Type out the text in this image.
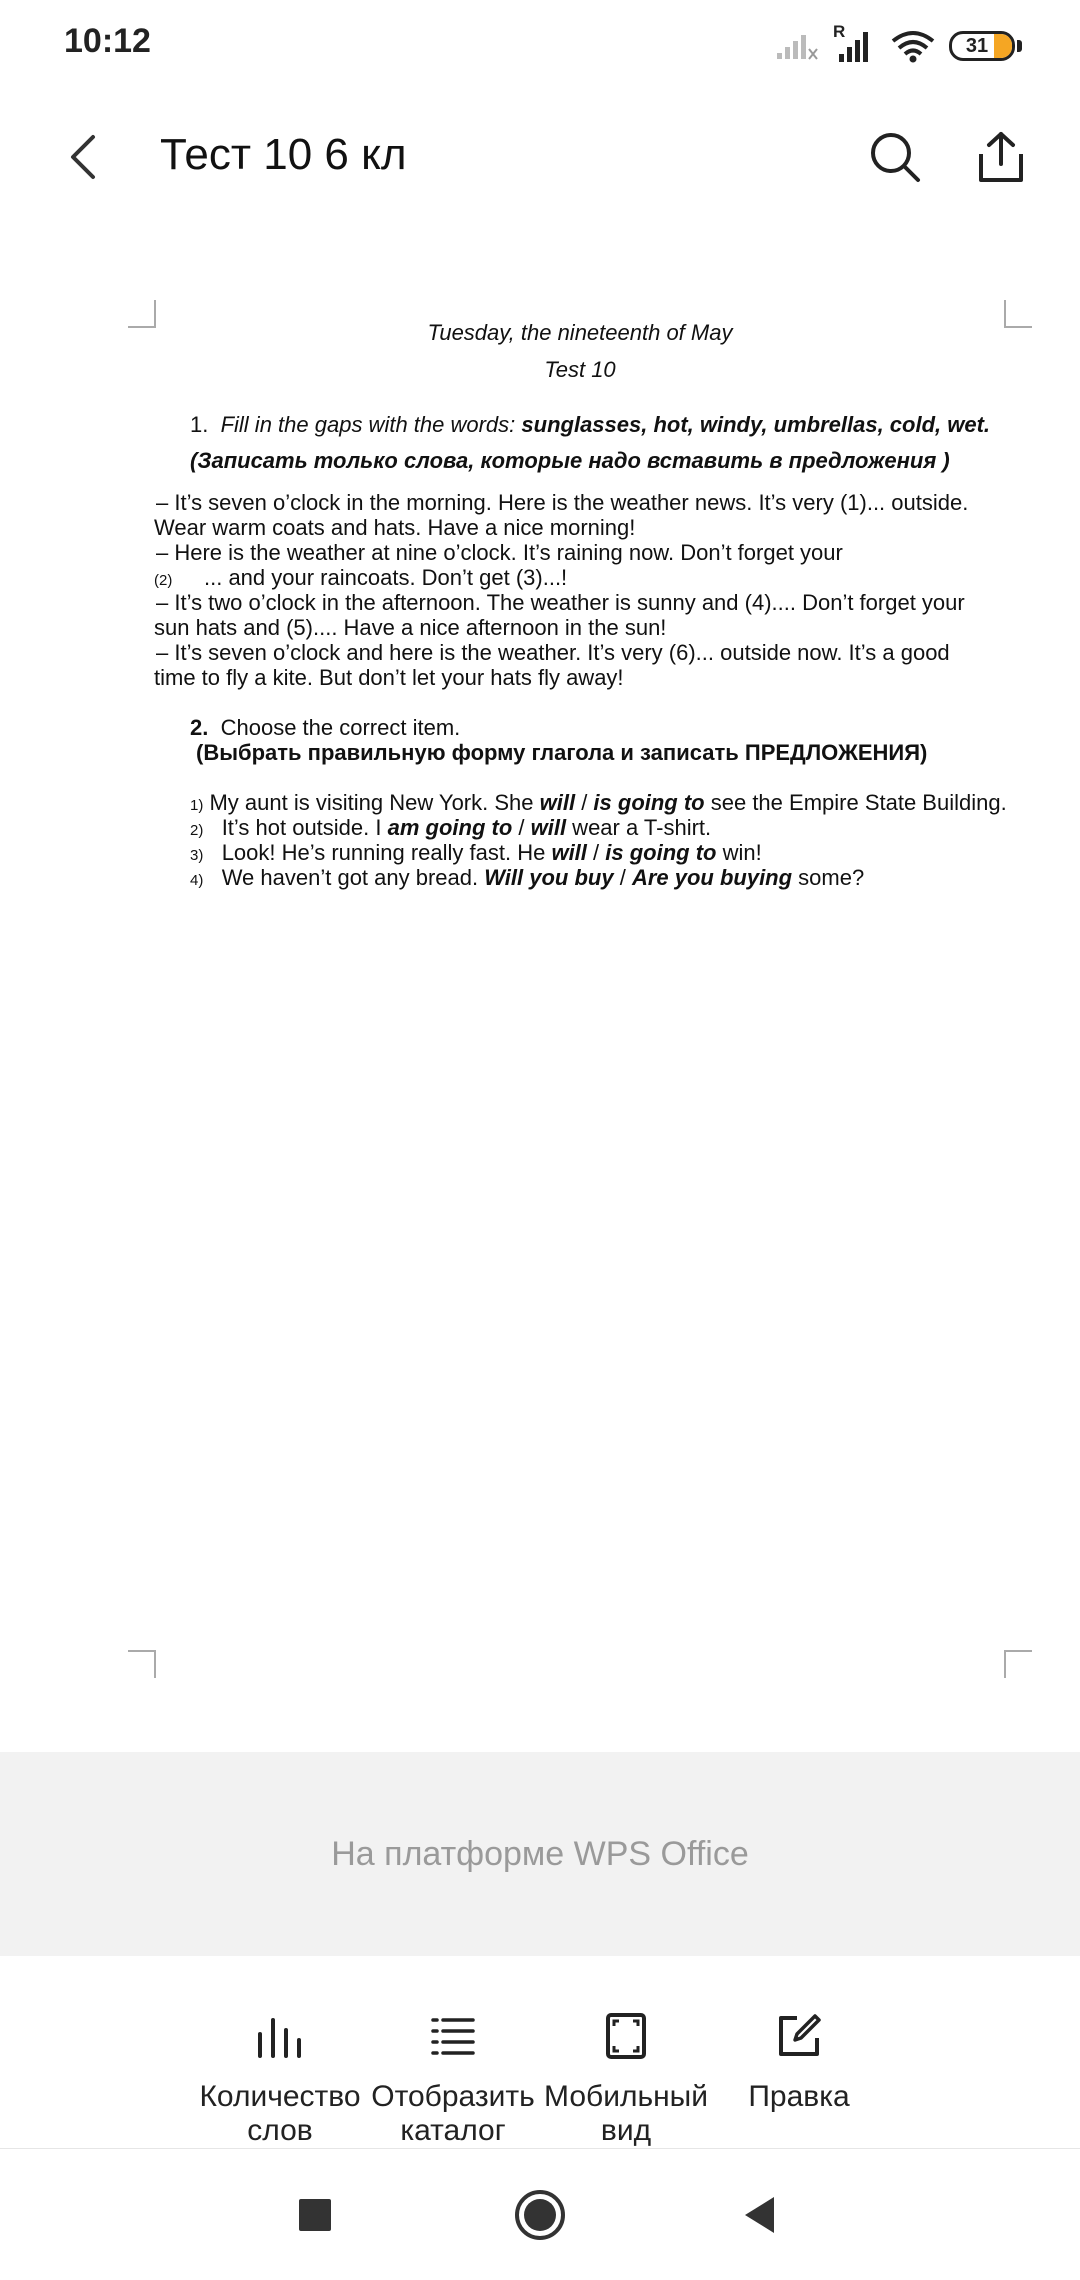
10:12	R
31
Тест 10 6 кл
Tuesday, the nineteenth of May
Test 10
1. Fill in the gaps with the words: sunglasses, hot, windy, umbrellas, cold, wet.
(Записать только слова, которые надо вставить в предложения )
– It’s seven o’clock in the morning. Here is the weather news. It’s very (1)... outside.
Wear warm coats and hats. Have a nice morning!
– Here is the weather at nine o’clock. It’s raining now. Don’t forget your
(2) ... and your raincoats. Don’t get (3)...!
– It’s two o’clock in the afternoon. The weather is sunny and (4).... Don’t forget your
sun hats and (5).... Have a nice afternoon in the sun!
– It’s seven o’clock and here is the weather. It’s very (6)... outside now. It’s a good
time to fly a kite. But don’t let your hats fly away!
2. Choose the correct item.
(Выбрать правильную форму глагола и записать ПРЕДЛОЖЕНИЯ)
1) My aunt is visiting New York. She will / is going to see the Empire State Building.
2) It’s hot outside. I am going to / will wear a T-shirt.
3) Look! He’s running really fast. He will / is going to win!
4) We haven’t got any bread. Will you buy / Are you buying some?
На платформе WPS Office
Количество слов
Отобразить каталог
Мобильный вид
Правка
